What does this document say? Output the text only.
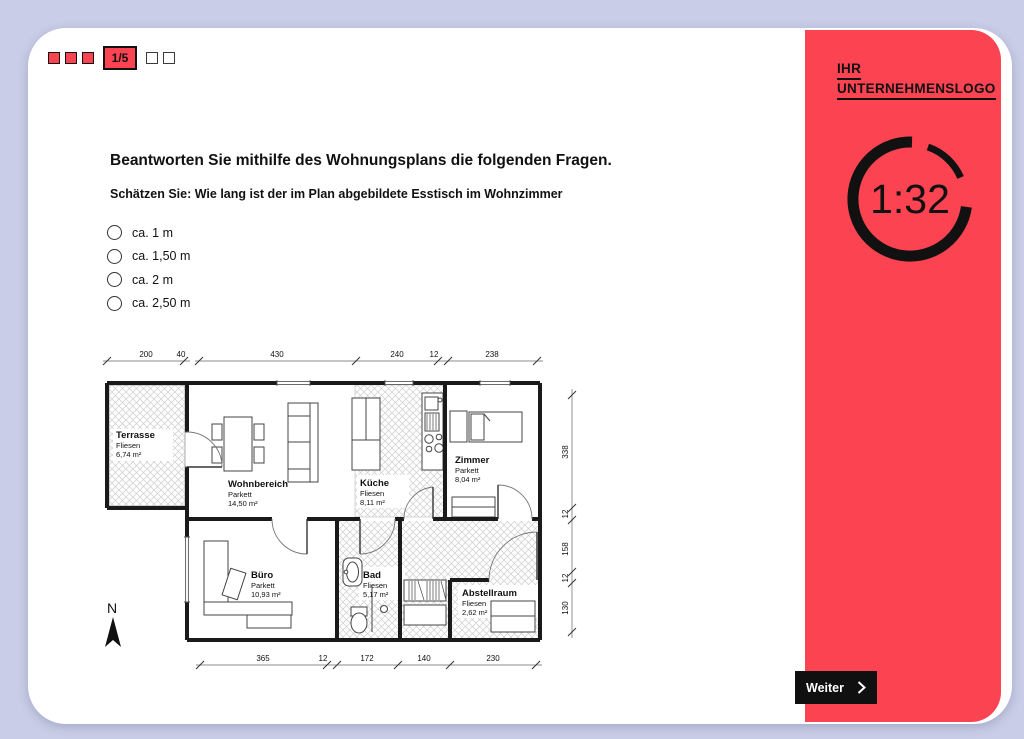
1/5
Beantworten Sie mithilfe des Wohnungsplans die folgenden Fragen.
Schätzen Sie: Wie lang ist der im Plan abgebildete Esstisch im Wohnzimmer
ca. 1 m
ca. 1,50 m
ca. 2 m
ca. 2,50 m
Terrasse
Fliesen
6,74 m²
Wohnbereich
Parkett
14,50 m²
Küche
Fliesen
8,11 m²
Zimmer
Parkett
8,04 m²
Büro
Parkett
10,93 m²
Bad
Fliesen
5,17 m²	Abstellraum
Fliesen
2,62 m²
200	40	430	240	12	238
365	12	172	140	230
338
12
158
12
130
N
IHR
UNTERNEHMENSLOGO
1:32
Weiter
